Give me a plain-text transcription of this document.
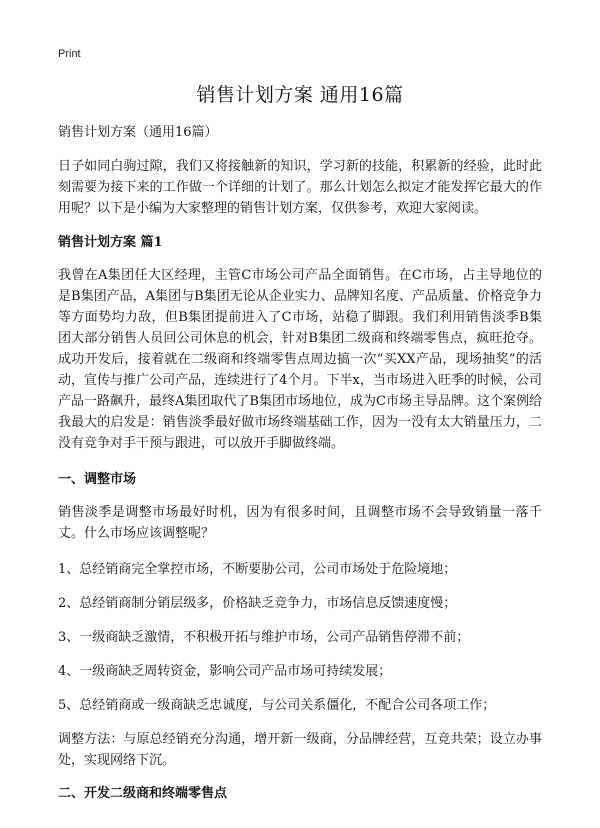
Print
销售计划方案 通用16篇

销售计划方案（通用16篇）

日子如同白驹过隙，我们又将接触新的知识，学习新的技能，积累新的经验，此时此刻需要为接下来的工作做一个详细的计划了。那么计划怎么拟定才能发挥它最大的作用呢？以下是小编为大家整理的销售计划方案，仅供参考，欢迎大家阅读。

销售计划方案 篇1

我曾在A集团任大区经理，主管C市场公司产品全面销售。在C市场，占主导地位的是B集团产品，A集团与B集团无论从企业实力、品牌知名度、产品质量、价格竞争力等方面势均力敌，但B集团提前进入了C市场，站稳了脚跟。我们利用销售淡季B集团大部分销售人员回公司休息的机会，针对B集团二级商和终端零售点，疯旺抢夺。成功开发后，接着就在二级商和终端零售点周边搞一次“买XX产品，现场抽奖”的活动，宣传与推广公司产品，连续进行了4个月。下半x，当市场进入旺季的时候，公司产品一路飙升，最终A集团取代了B集团市场地位，成为C市场主导品牌。这个案例给我最大的启发是：销售淡季最好做市场终端基础工作，因为一没有太大销量压力，二没有竞争对手干预与跟进，可以放开手脚做终端。

一、调整市场

销售淡季是调整市场最好时机，因为有很多时间，且调整市场不会导致销量一落千丈。什么市场应该调整呢？

1、总经销商完全掌控市场，不断要胁公司，公司市场处于危险境地；

2、总经销商制分销层级多，价格缺乏竞争力，市场信息反馈速度慢；

3、一级商缺乏激情，不积极开拓与维护市场，公司产品销售停滞不前；

4、一级商缺乏周转资金，影响公司产品市场可持续发展；

5、总经销商或一级商缺乏忠诚度，与公司关系僵化，不配合公司各项工作；

调整方法：与原总经销充分沟通，增开新一级商，分品牌经营，互竞共荣；设立办事处，实现网络下沉。

二、开发二级商和终端零售点
